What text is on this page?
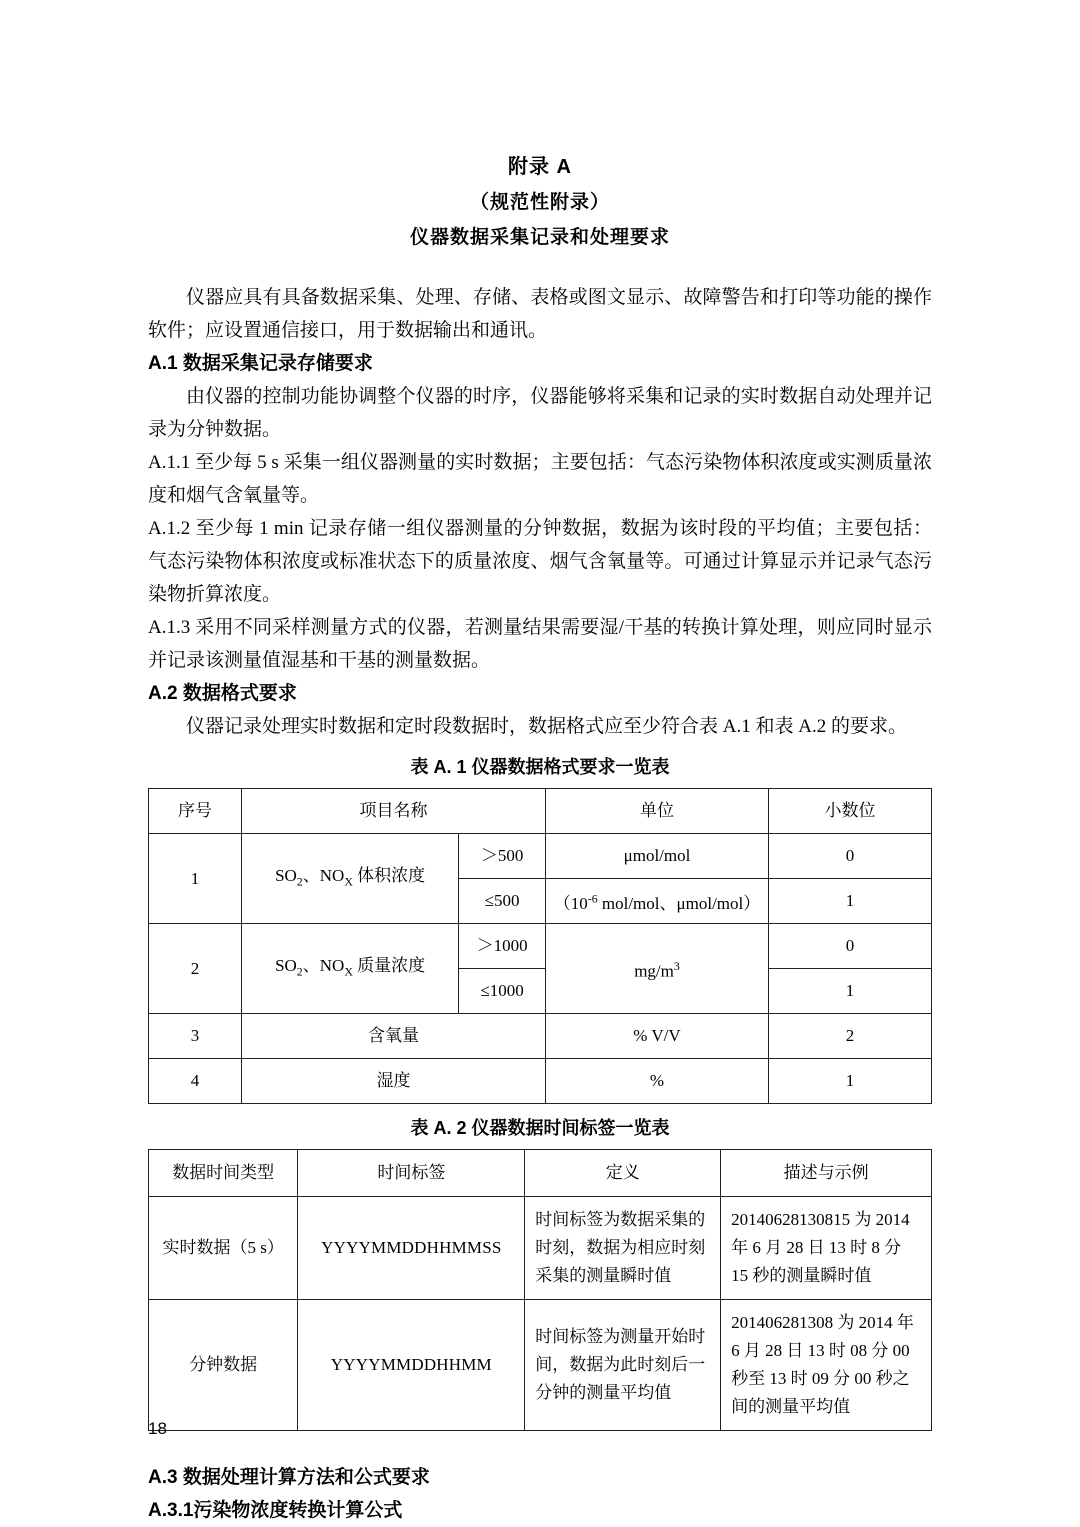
附录 A
（规范性附录）
仪器数据采集记录和处理要求

仪器应具有具备数据采集、处理、存储、表格或图文显示、故障警告和打印等功能的操作软件；应设置通信接口，用于数据输出和通讯。

A.1 数据采集记录存储要求

由仪器的控制功能协调整个仪器的时序，仪器能够将采集和记录的实时数据自动处理并记录为分钟数据。

A.1.1 至少每 5 s 采集一组仪器测量的实时数据；主要包括：气态污染物体积浓度或实测质量浓度和烟气含氧量等。

A.1.2 至少每 1 min 记录存储一组仪器测量的分钟数据，数据为该时段的平均值；主要包括：气态污染物体积浓度或标准状态下的质量浓度、烟气含氧量等。可通过计算显示并记录气态污染物折算浓度。

A.1.3 采用不同采样测量方式的仪器，若测量结果需要湿/干基的转换计算处理，则应同时显示并记录该测量值湿基和干基的测量数据。

A.2 数据格式要求

仪器记录处理实时数据和定时段数据时，数据格式应至少符合表 A.1 和表 A.2 的要求。

表 A. 1 仪器数据格式要求一览表
序号	项目名称		单位	小数位
1	$SO_2$、$NO_X$ 体积浓度	＞500	μmol/mol	0
		≤500	（$10^{-6}$ mol/mol、μmol/mol）	1
2	$SO_2$、$NO_X$ 质量浓度	＞1000	$mg/m^3$	0
		≤1000		1
3	含氧量		% V/V	2
4	湿度		%	1
表 A. 2 仪器数据时间标签一览表
数据时间类型	时间标签	定义	描述与示例
实时数据（5 s）	YYYYMMDDHHMMSS	时间标签为数据采集的时刻，数据为相应时刻采集的测量瞬时值	20140628130815 为 2014 年 6 月 28 日 13 时 8 分 15 秒的测量瞬时值
分钟数据	YYYYMMDDHHMM	时间标签为测量开始时间，数据为此时刻后一分钟的测量平均值	201406281308 为 2014 年 6 月 28 日 13 时 08 分 00 秒至 13 时 09 分 00 秒之间的测量平均值
A.3 数据处理计算方法和公式要求
A.3.1污染物浓度转换计算公式
18
